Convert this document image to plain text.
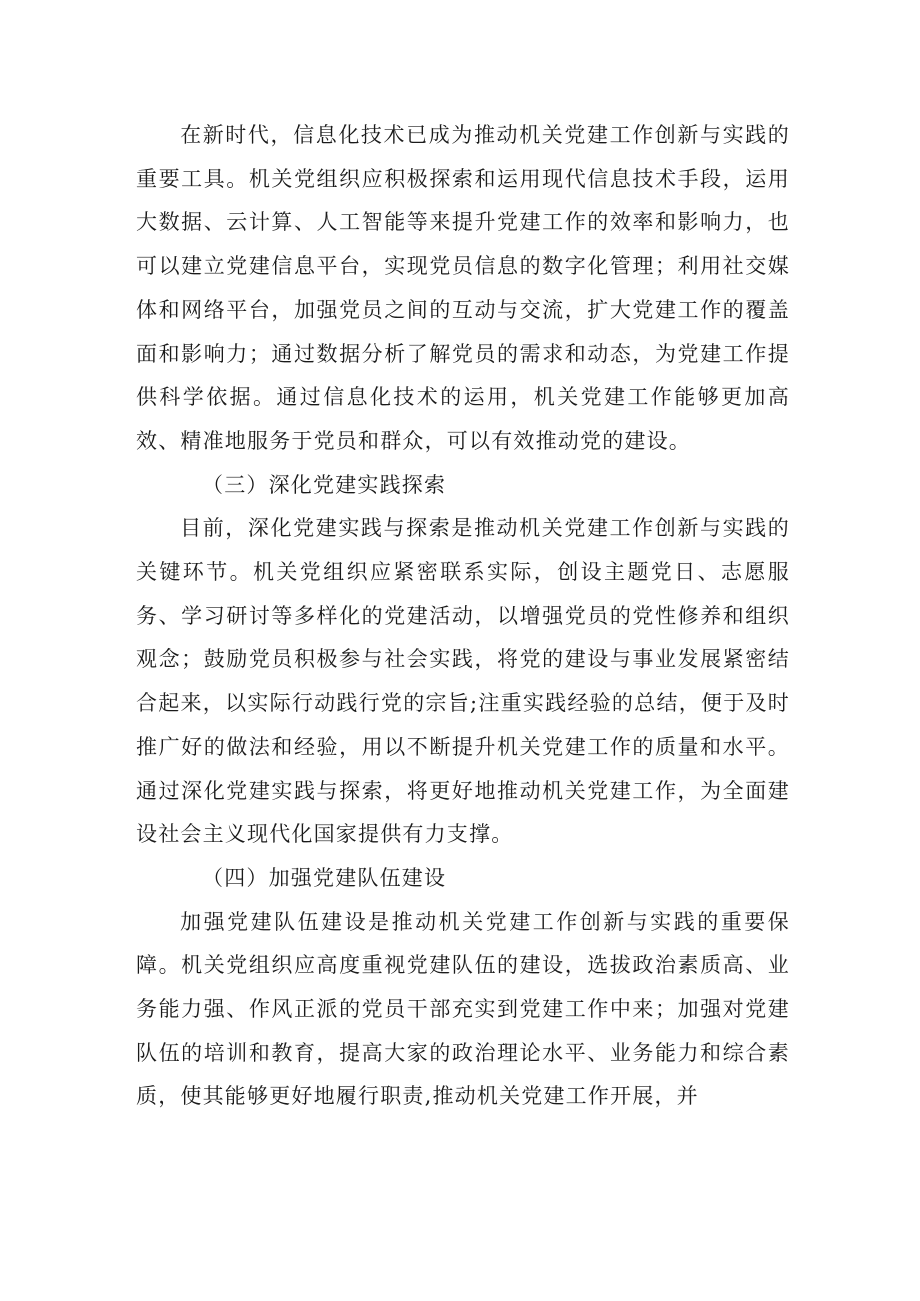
在新时代，信息化技术已成为推动机关党建工作创新与实践的重要工具。机关党组织应积极探索和运用现代信息技术手段，运用大数据、云计算、人工智能等来提升党建工作的效率和影响力，也可以建立党建信息平台，实现党员信息的数字化管理；利用社交媒体和网络平台，加强党员之间的互动与交流，扩大党建工作的覆盖面和影响力；通过数据分析了解党员的需求和动态，为党建工作提供科学依据。通过信息化技术的运用，机关党建工作能够更加高效、精准地服务于党员和群众，可以有效推动党的建设。

（三）深化党建实践探索

目前，深化党建实践与探索是推动机关党建工作创新与实践的关键环节。机关党组织应紧密联系实际，创设主题党日、志愿服务、学习研讨等多样化的党建活动，以增强党员的党性修养和组织观念；鼓励党员积极参与社会实践，将党的建设与事业发展紧密结合起来，以实际行动践行党的宗旨;注重实践经验的总结，便于及时推广好的做法和经验，用以不断提升机关党建工作的质量和水平。通过深化党建实践与探索，将更好地推动机关党建工作，为全面建设社会主义现代化国家提供有力支撑。

（四）加强党建队伍建设

加强党建队伍建设是推动机关党建工作创新与实践的重要保障。机关党组织应高度重视党建队伍的建设，选拔政治素质高、业务能力强、作风正派的党员干部充实到党建工作中来；加强对党建队伍的培训和教育，提高大家的政治理论水平、业务能力和综合素质，使其能够更好地履行职责,推动机关党建工作开展，并
